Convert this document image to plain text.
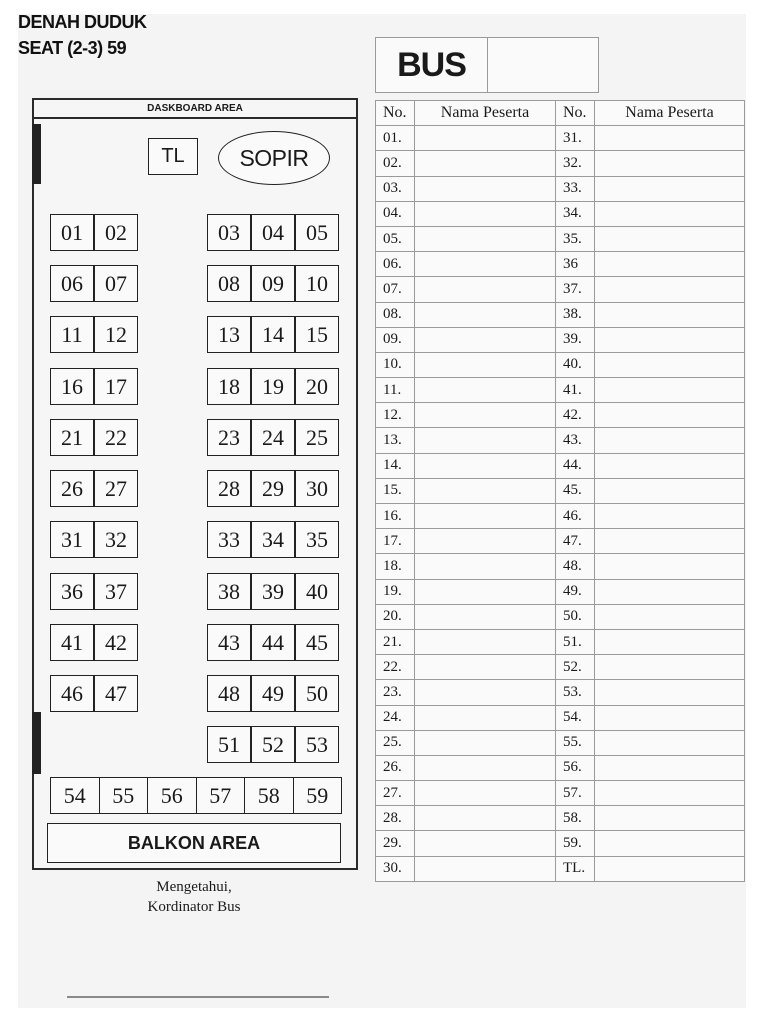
DENAH DUDUK
SEAT (2-3) 59	BUS
DASKBOARD AREA
TL	SOPIR
01	02	03	04	05
06	07	08	09	10
11	12	13	14	15
16	17	18	19	20
21	22	23	24	25
26	27	28	29	30
31	32	33	34	35
36	37	38	39	40
41	42	43	44	45
46	47	48	49	50
51	52	53
54	55	56	57	58	59
BALKON AREA
Mengetahui,
Kordinator Bus
No.	Nama Peserta	No.	Nama Peserta
01.		31.	
02.		32.	
03.		33.	
04.		34.	
05.		35.	
06.		36	
07.		37.	
08.		38.	
09.		39.	
10.		40.	
11.		41.	
12.		42.	
13.		43.	
14.		44.	
15.		45.	
16.		46.	
17.		47.	
18.		48.	
19.		49.	
20.		50.	
21.		51.	
22.		52.	
23.		53.	
24.		54.	
25.		55.	
26.		56.	
27.		57.	
28.		58.	
29.		59.	
30.		TL.	
